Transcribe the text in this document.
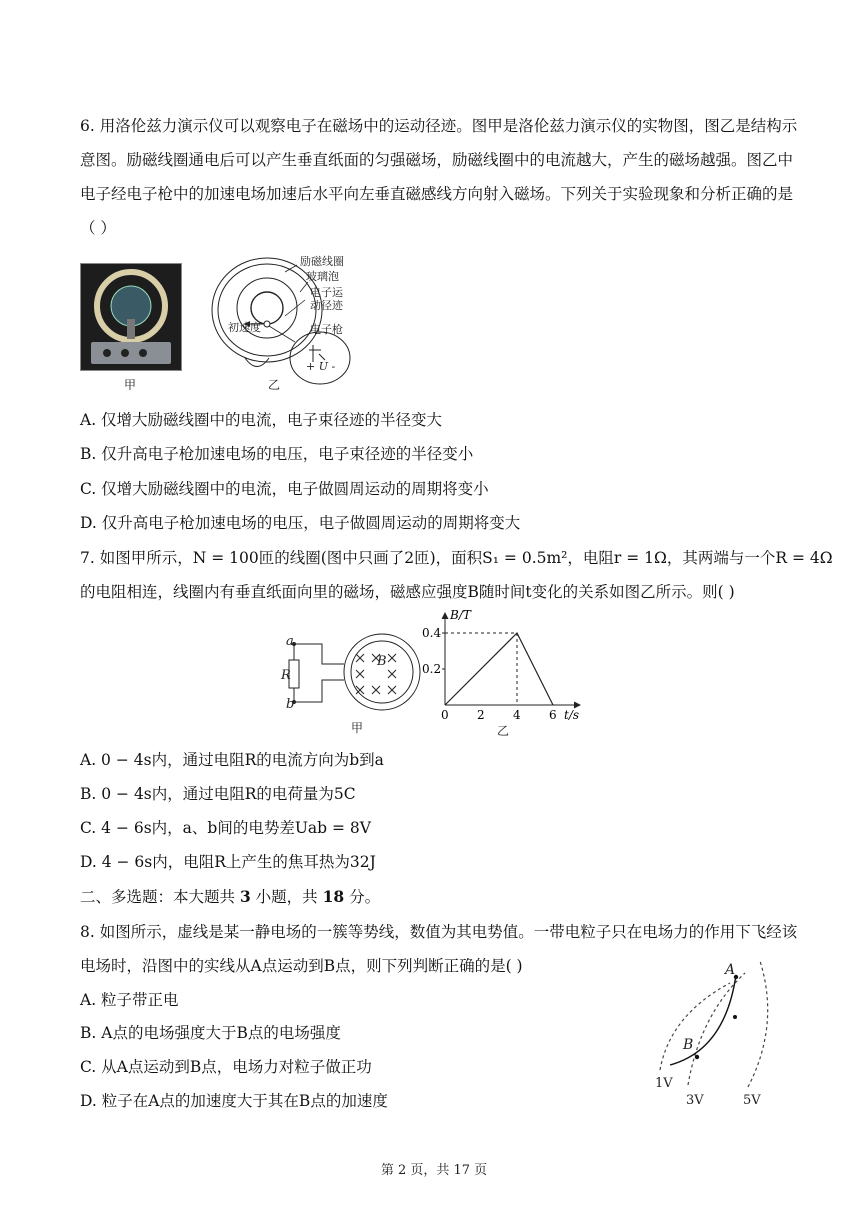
6. 用洛伦兹力演示仪可以观察电子在磁场中的运动径迹。图甲是洛伦兹力演示仪的实物图，图乙是结构示
意图。励磁线圈通电后可以产生垂直纸面的匀强磁场，励磁线圈中的电流越大，产生的磁场越强。图乙中
电子经电子枪中的加速电场加速后水平向左垂直磁感线方向射入磁场。下列关于实验现象和分析正确的是
（ ）
甲
励磁线圈
玻璃泡
电子运
动径迹
初速度	电子枪
+ U -
乙
A. 仅增大励磁线圈中的电流，电子束径迹的半径变大
B. 仅升高电子枪加速电场的电压，电子束径迹的半径变小
C. 仅增大励磁线圈中的电流，电子做圆周运动的周期将变小
D. 仅升高电子枪加速电场的电压，电子做圆周运动的周期将变大
7. 如图甲所示，N = 100匝的线圈(图中只画了2匝)，面积S₁ = 0.5m²，电阻r = 1Ω，其两端与一个R = 4Ω
的电阻相连，线圈内有垂直纸面向里的磁场，磁感应强度B随时间t变化的关系如图乙所示。则( )
a
b
R
B
甲
0 2 4 6
0.2
0.4
B/T
t/s
乙
A. 0 − 4s内，通过电阻R的电流方向为b到a
B. 0 − 4s内，通过电阻R的电荷量为5C
C. 4 − 6s内，a、b间的电势差Uab = 8V
D. 4 − 6s内，电阻R上产生的焦耳热为32J
二、多选题：本大题共 3 小题，共 18 分。
8. 如图所示，虚线是某一静电场的一簇等势线，数值为其电势值。一带电粒子只在电场力的作用下飞经该
电场时，沿图中的实线从A点运动到B点，则下列判断正确的是( )
A. 粒子带正电
B. A点的电场强度大于B点的电场强度
C. 从A点运动到B点，电场力对粒子做正功
D. 粒子在A点的加速度大于其在B点的加速度
A
B
1V
3V	5V
第 2 页，共 17 页
